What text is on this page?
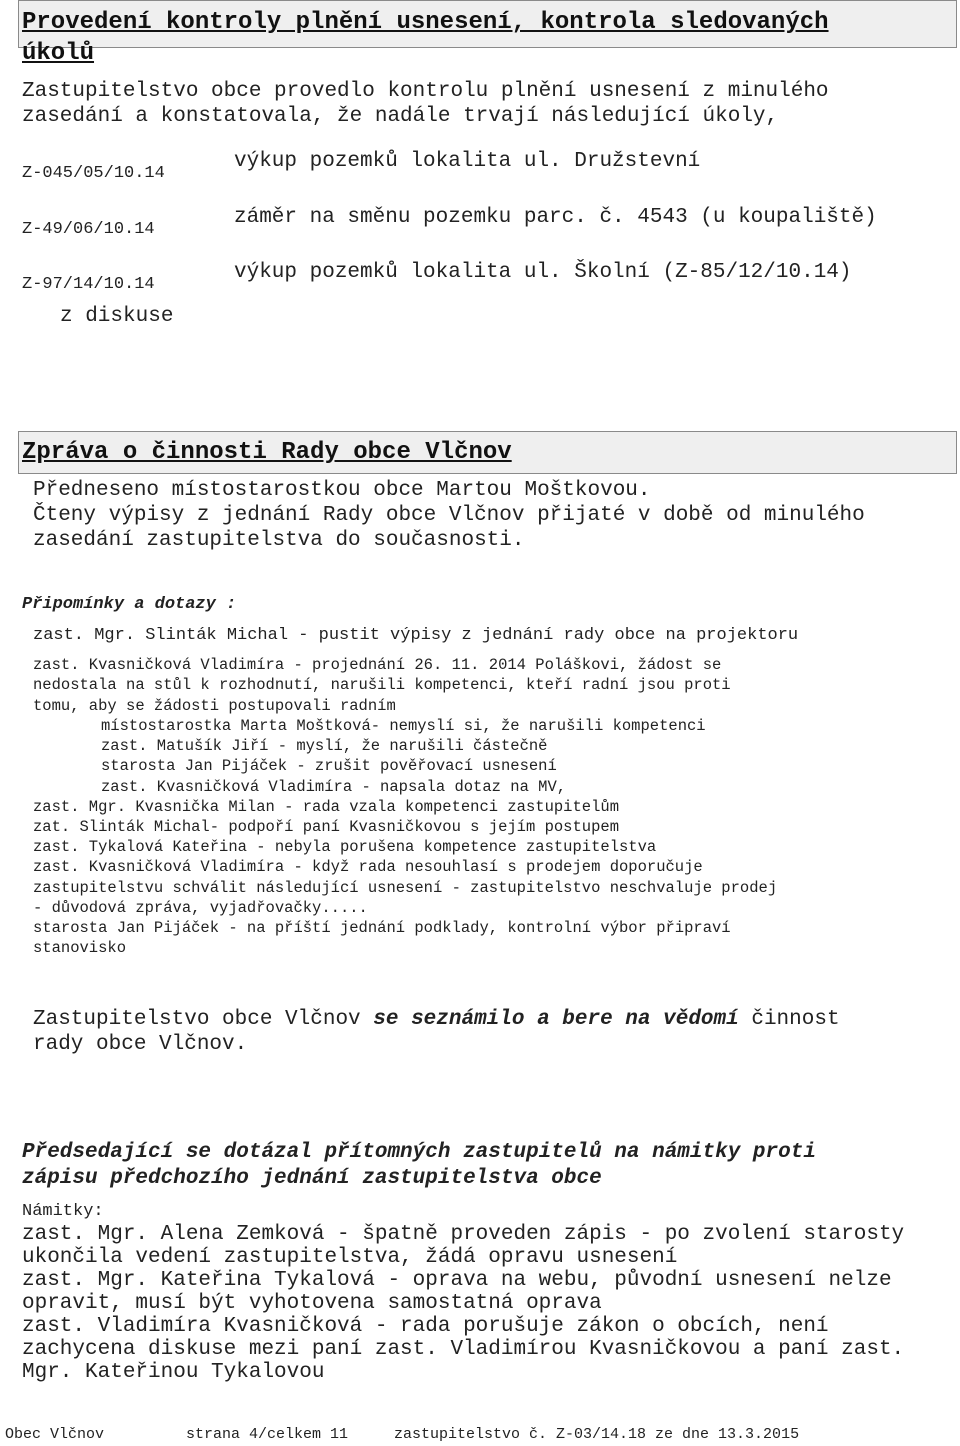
Provedení kontroly plnění usnesení, kontrola sledovaných
úkolů
Zastupitelstvo obce provedlo kontrolu plnění usnesení z minulého
zasedání a konstatovala, že nadále trvají následující úkoly,
Z-045/05/10.14
výkup pozemků lokalita ul. Družstevní
Z-49/06/10.14
záměr na směnu pozemku parc. č. 4543 (u koupaliště)
Z-97/14/10.14
výkup pozemků lokalita ul. Školní (Z-85/12/10.14)
z diskuse
Zpráva o činnosti Rady obce Vlčnov
Předneseno místostarostkou obce Martou Moštkovou.
Čteny výpisy z jednání Rady obce Vlčnov přijaté v době od minulého
zasedání zastupitelstva do současnosti.
Připomínky a dotazy :
zast. Mgr. Slinták Michal - pustit výpisy z jednání rady obce na projektoru
zast. Kvasničková Vladimíra - projednání 26. 11. 2014 Poláškovi, žádost se
nedostala na stůl k rozhodnutí, narušili kompetenci, kteří radní jsou proti
tomu, aby se žádosti postupovali radním
místostarostka Marta Moštková- nemyslí si, že narušili kompetenci
zast. Matušík Jiří - myslí, že narušili částečně
starosta Jan Pijáček - zrušit pověřovací usnesení
zast. Kvasničková Vladimíra - napsala dotaz na MV,
zast. Mgr. Kvasnička Milan - rada vzala kompetenci zastupitelům
zat. Slinták Michal- podpoří paní Kvasničkovou s jejím postupem
zast. Tykalová Kateřina - nebyla porušena kompetence zastupitelstva
zast. Kvasničková Vladimíra - když rada nesouhlasí s prodejem doporučuje
zastupitelstvu schválit následující usnesení - zastupitelstvo neschvaluje prodej
- důvodová zpráva, vyjadřovačky.....
starosta Jan Pijáček - na příští jednání podklady, kontrolní výbor připraví
stanovisko
Zastupitelstvo obce Vlčnov se seznámilo a bere na vědomí činnost
rady obce Vlčnov.
Předsedající se dotázal přítomných zastupitelů na námitky proti
zápisu předchozího jednání zastupitelstva obce
Námitky:
zast. Mgr. Alena Zemková - špatně proveden zápis - po zvolení starosty
ukončila vedení zastupitelstva, žádá opravu usnesení
zast. Mgr. Kateřina Tykalová - oprava na webu, původní usnesení nelze
opravit, musí být vyhotovena samostatná oprava
zast. Vladimíra Kvasničková - rada porušuje zákon o obcích, není
zachycena diskuse mezi paní zast. Vladimírou Kvasničkovou a paní zast.
Mgr. Kateřinou Tykalovou
Obec Vlčnov	strana 4/celkem 11	zastupitelstvo č. Z-03/14.18 ze dne 13.3.2015
